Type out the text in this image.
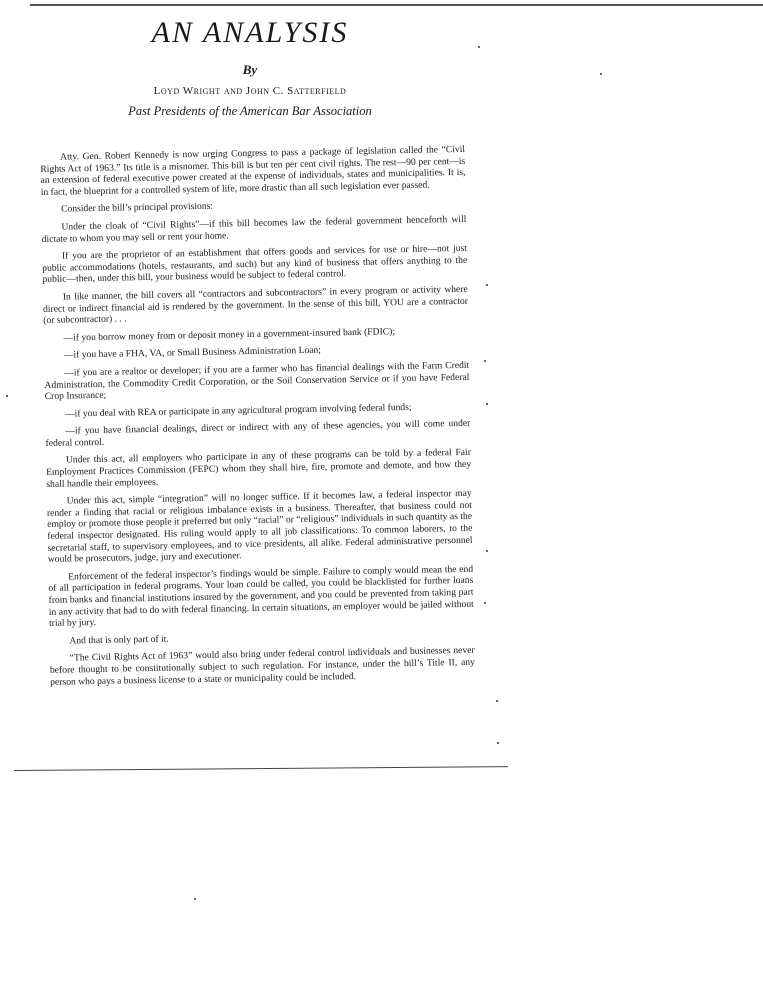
AN ANALYSIS
By
Loyd Wright and John C. Satterfield
Past Presidents of the American Bar Association

Atty. Gen. Robert Kennedy is now urging Congress to pass a package of legislation called the “Civil Rights Act of 1963.” Its title is a misnomer. This bill is but ten per cent civil rights. The rest—90 per cent—is an extension of federal executive power created at the expense of individuals, states and municipalities. It is, in fact, the blueprint for a controlled system of life, more drastic than all such legislation ever passed.

Consider the bill’s principal provisions:

Under the cloak of “Civil Rights”—if this bill becomes law the federal government henceforth will dictate to whom you may sell or rent your home.

If you are the proprietor of an establishment that offers goods and services for use or hire—not just public accommodations (hotels, restaurants, and such) but any kind of business that offers anything to the public—then, under this bill, your business would be subject to federal control.

In like manner, the bill covers all “contractors and subcontractors” in every program or activity where direct or indirect financial aid is rendered by the government. In the sense of this bill, YOU are a contractor (or subcontractor) . . .

—if you borrow money from or deposit money in a government-insured bank (FDIC);

—if you have a FHA, VA, or Small Business Administration Loan;

—if you are a realtor or developer; if you are a farmer who has financial dealings with the Farm Credit Administration, the Commodity Credit Corporation, or the Soil Conservation Service or if you have Federal Crop Insurance;

—if you deal with REA or participate in any agricultural program involving federal funds;

—if you have financial dealings, direct or indirect with any of these agencies, you will come under federal control.

Under this act, all employers who participate in any of these programs can be told by a federal Fair Employment Practices Commission (FEPC) whom they shall hire, fire, promote and demote, and how they shall handle their employees.

Under this act, simple “integration” will no longer suffice. If it becomes law, a federal inspector may render a finding that racial or religious imbalance exists in a business. Thereafter, that business could not employ or promote those people it preferred but only “racial” or “religious” individuals in such quantity as the federal inspector designated. His ruling would apply to all job classifications: To common laborers, to the secretarial staff, to supervisory employees, and to vice presidents, all alike. Federal administrative personnel would be prosecutors, judge, jury and executioner.

Enforcement of the federal inspector’s findings would be simple. Failure to comply would mean the end of all participation in federal programs. Your loan could be called, you could be blacklisted for further loans from banks and financial institutions insured by the government, and you could be prevented from taking part in any activity that had to do with federal financing. In certain situations, an employer would be jailed without trial by jury.

And that is only part of it.

“The Civil Rights Act of 1963” would also bring under federal control individuals and businesses never before thought to be constitutionally subject to such regulation. For instance, under the bill’s Title II, any person who pays a business license to a state or municipality could be included.
